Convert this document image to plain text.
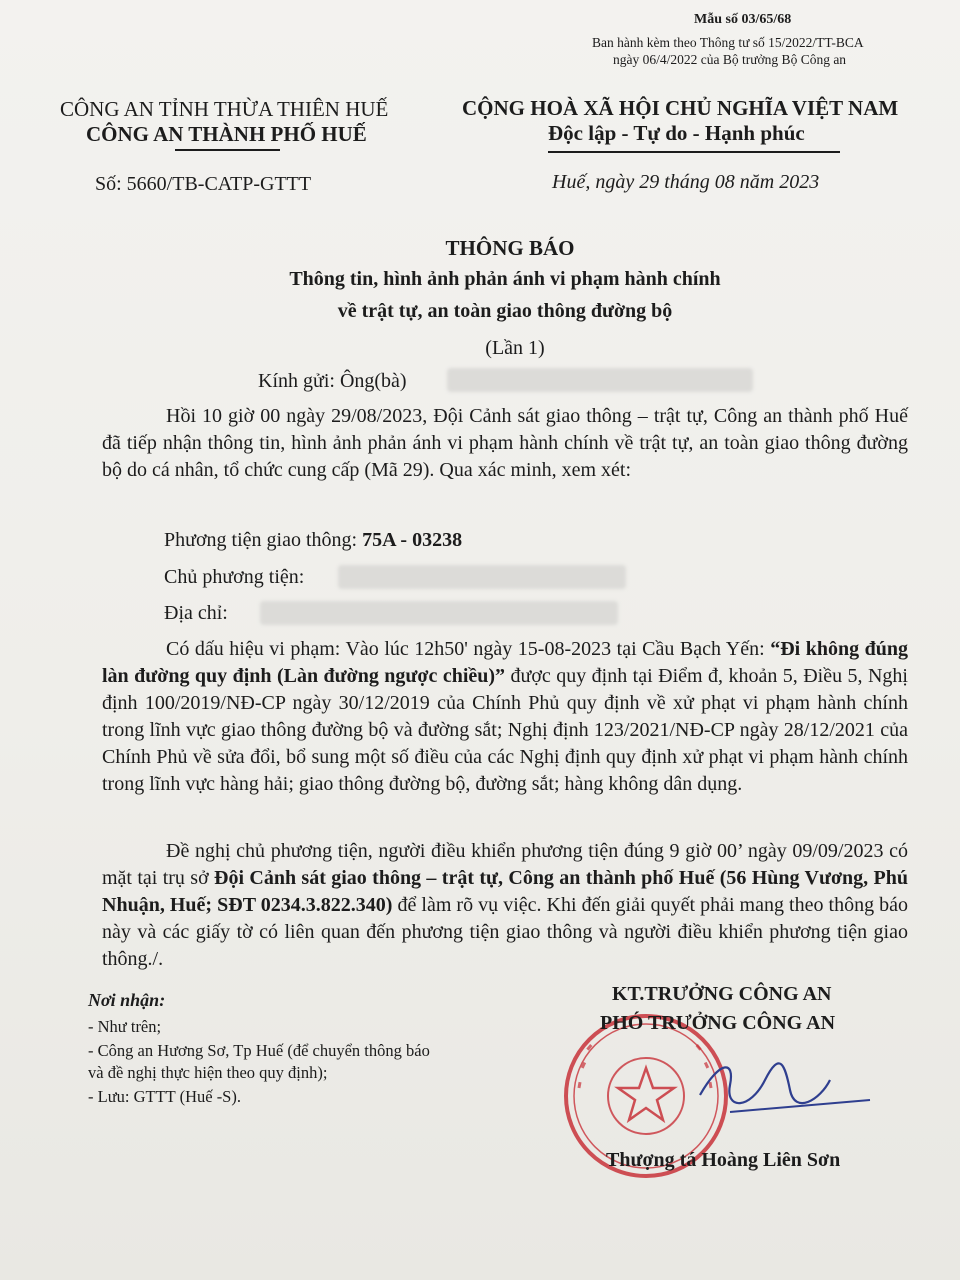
Mẫu số 03/65/68
Ban hành kèm theo Thông tư số 15/2022/TT-BCA
ngày 06/4/2022 của Bộ trưởng Bộ Công an
CÔNG AN TỈNH THỪA THIÊN HUẾ
CÔNG AN THÀNH PHỐ HUẾ
CỘNG HOÀ XÃ HỘI CHỦ NGHĨA VIỆT NAM
Độc lập - Tự do - Hạnh phúc
Số: 5660/TB-CATP-GTTT	Huế, ngày 29 tháng 08 năm 2023
THÔNG BÁO
Thông tin, hình ảnh phản ánh vi phạm hành chính
về trật tự, an toàn giao thông đường bộ
(Lần 1)
Kính gửi: Ông(bà)

Hồi 10 giờ 00 ngày 29/08/2023, Đội Cảnh sát giao thông – trật tự, Công an thành phố Huế đã tiếp nhận thông tin, hình ảnh phản ánh vi phạm hành chính về trật tự, an toàn giao thông đường bộ do cá nhân, tổ chức cung cấp (Mã 29). Qua xác minh, xem xét:

Phương tiện giao thông: 75A - 03238
Chủ phương tiện:
Địa chỉ:

Có dấu hiệu vi phạm: Vào lúc 12h50' ngày 15-08-2023 tại Cầu Bạch Yến: “Đi không đúng làn đường quy định (Làn đường ngược chiều)” được quy định tại Điểm đ, khoản 5, Điều 5, Nghị định 100/2019/NĐ-CP ngày 30/12/2019 của Chính Phủ quy định về xử phạt vi phạm hành chính trong lĩnh vực giao thông đường bộ và đường sắt; Nghị định 123/2021/NĐ-CP ngày 28/12/2021 của Chính Phủ về sửa đổi, bổ sung một số điều của các Nghị định quy định xử phạt vi phạm hành chính trong lĩnh vực hàng hải; giao thông đường bộ, đường sắt; hàng không dân dụng.

Đề nghị chủ phương tiện, người điều khiển phương tiện đúng 9 giờ 00’ ngày 09/09/2023 có mặt tại trụ sở Đội Cảnh sát giao thông – trật tự, Công an thành phố Huế (56 Hùng Vương, Phú Nhuận, Huế; SĐT 0234.3.822.340) để làm rõ vụ việc. Khi đến giải quyết phải mang theo thông báo này và các giấy tờ có liên quan đến phương tiện giao thông và người điều khiển phương tiện giao thông./.

Nơi nhận:
- Như trên;
- Công an Hương Sơ, Tp Huế (để chuyển thông báo
và đề nghị thực hiện theo quy định);
- Lưu: GTTT (Huế -S).
KT.TRƯỞNG CÔNG AN
PHÓ TRƯỞNG CÔNG AN
Thượng tá Hoàng Liên Sơn
